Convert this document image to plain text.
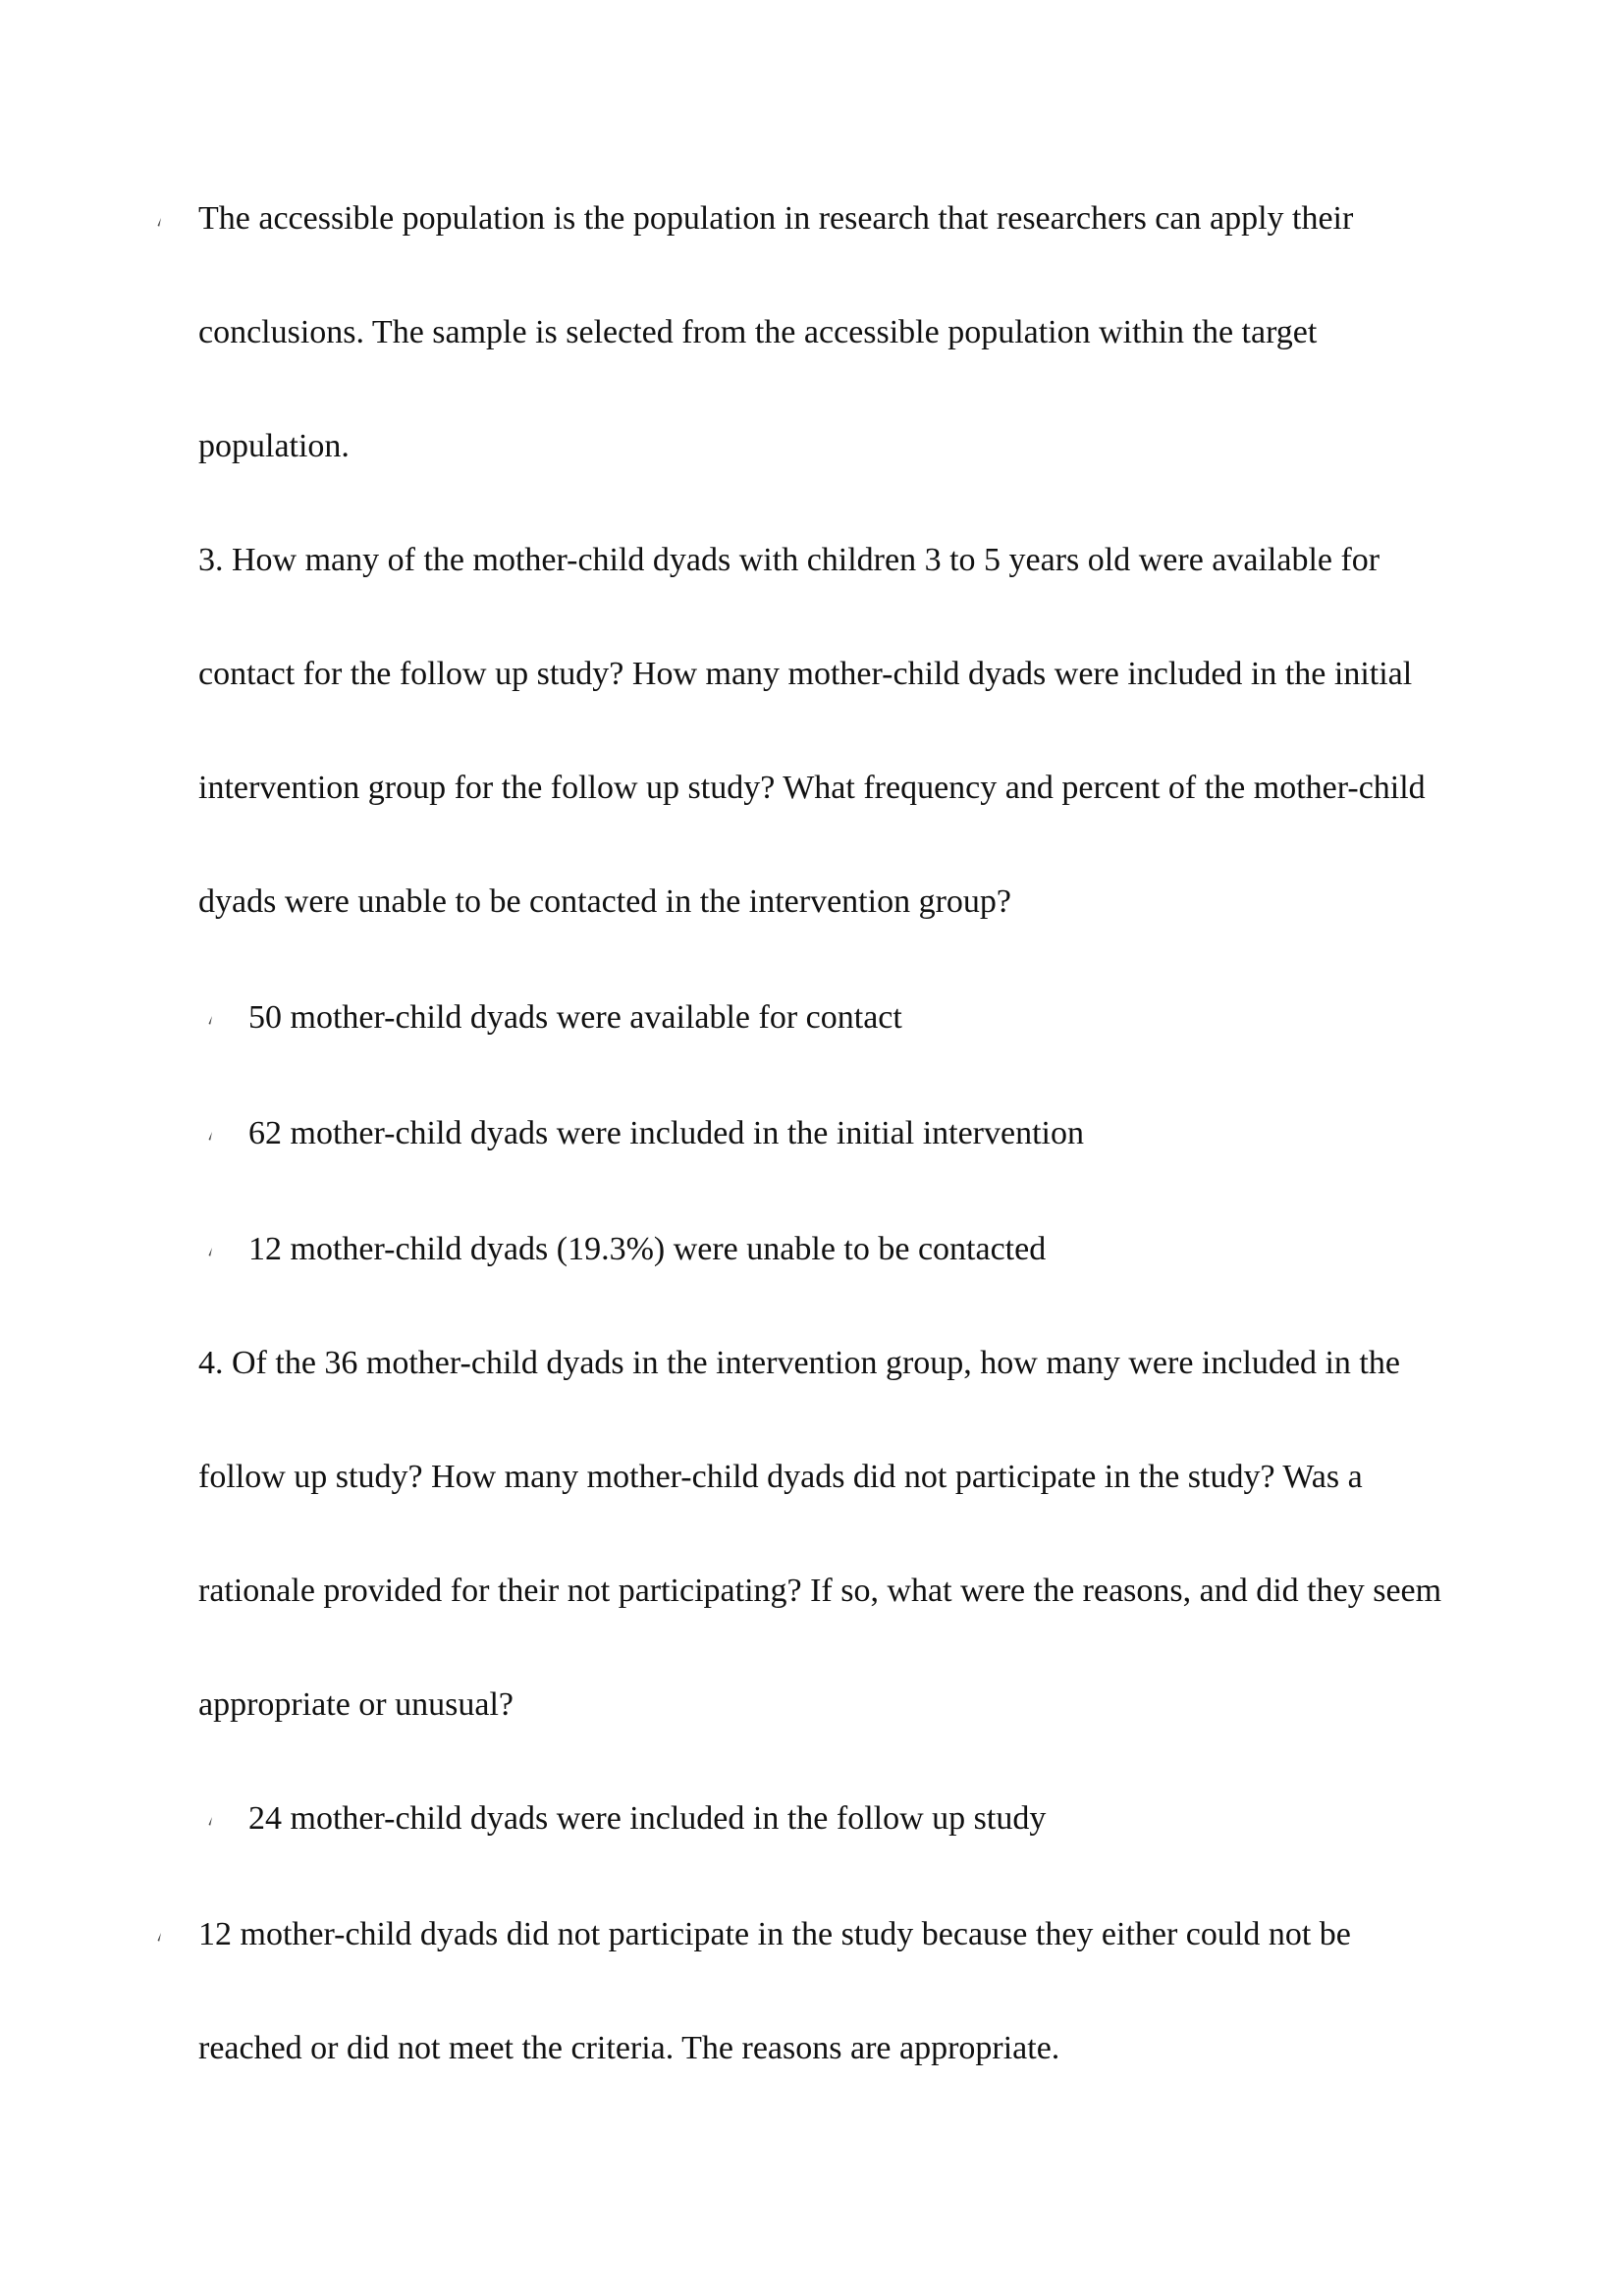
The accessible population is the population in research that researchers can apply their
conclusions. The sample is selected from the accessible population within the target
population.
3. How many of the mother-child dyads with children 3 to 5 years old were available for
contact for the follow up study? How many mother-child dyads were included in the initial
intervention group for the follow up study? What frequency and percent of the mother-child
dyads were unable to be contacted in the intervention group?
50 mother-child dyads were available for contact
62 mother-child dyads were included in the initial intervention
12 mother-child dyads (19.3%) were unable to be contacted
4. Of the 36 mother-child dyads in the intervention group, how many were included in the
follow up study? How many mother-child dyads did not participate in the study? Was a
rationale provided for their not participating? If so, what were the reasons, and did they seem
appropriate or unusual?
24 mother-child dyads were included in the follow up study
12 mother-child dyads did not participate in the study because they either could not be
reached or did not meet the criteria. The reasons are appropriate.
